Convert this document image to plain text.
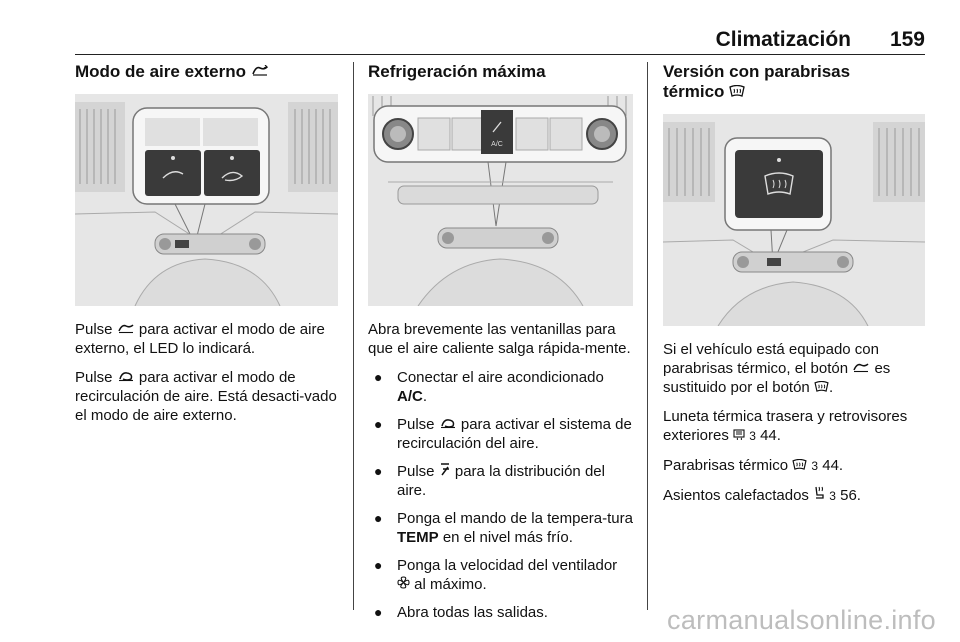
Climatización 159
Modo de aire externo

Pulse para activar el modo de aire externo, el LED lo indicará.

Pulse para activar el modo de recirculación de aire. Está desacti-vado el modo de aire externo.

Refrigeración máxima
A/C

Abra brevemente las ventanillas para que el aire caliente salga rápida-mente.

● Conectar el aire acondicionado A/C.
● Pulse para activar el sistema de recirculación del aire.
● Pulse para la distribución del aire.
● Ponga el mando de la tempera-tura TEMP en el nivel más frío.
● Ponga la velocidad del ventilador  al máximo.
● Abra todas las salidas.
Versión con parabrisas
térmico

Si el vehículo está equipado con parabrisas térmico, el botón es sustituido por el botón .

Luneta térmica trasera y retrovisores exteriores 3 44.

Parabrisas térmico 3 44.

Asientos calefactados 3 56.

carmanualsonline.info
